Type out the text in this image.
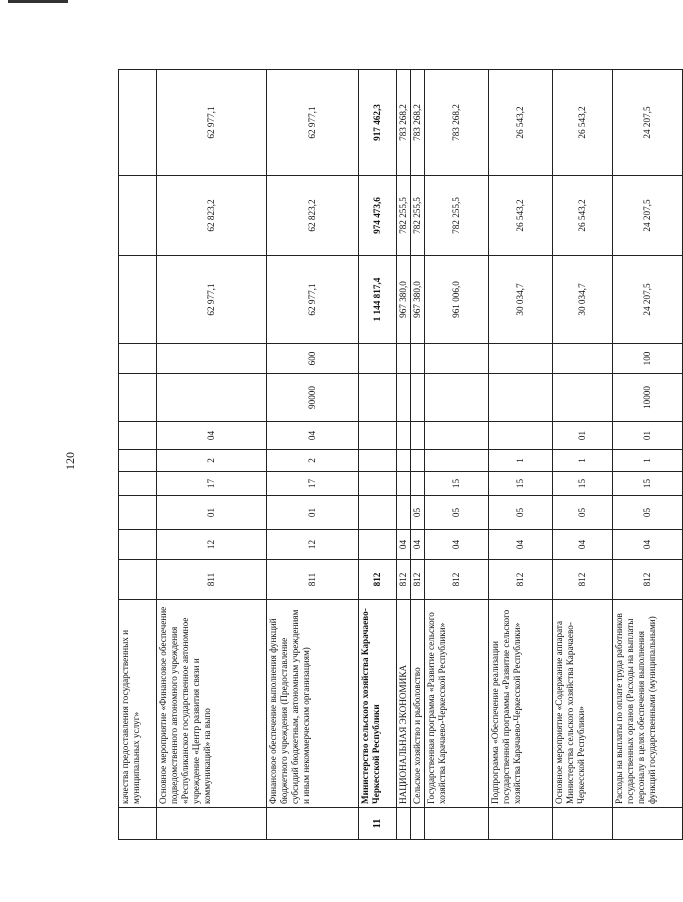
120
	качества предоставления государственных и муниципальных услуг»											
	Основное мероприятие «Финансовое обеспечение подведомственного автономного учреждения «Республиканское государственное автономное учреждение «Центр развития связи и коммуникаций» на выпо	811	12	01	17	2	04			62 977,1	62 823,2	62 977,1
	Финансовое обеспечение выполнения функций бюджетного учреждения (Предоставление субсидий бюджетным, автономным учреждениям и иным некоммерческим организациям)	811	12	01	17	2	04	90000	600	62 977,1	62 823,2	62 977,1
11	Министерство сельского хозяйства Карачаево-Черкесской Республики	812								1 144 817,4	974 473,6	917 462,3
	НАЦИОНАЛЬНАЯ ЭКОНОМИКА	812	04							967 380,0	782 255,5	783 268,2
	Сельское хозяйство и рыболовство	812	04	05						967 380,0	782 255,5	783 268,2
	Государственная программа «Развитие сельского хозяйства Карачаево-Черкесской Республики»	812	04	05	15					961 006,0	782 255,5	783 268,2
	Подпрограмма «Обеспечение реализации государственной программы «Развитие сельского хозяйства Карачаево-Черкесской Республики»	812	04	05	15	1				30 034,7	26 543,2	26 543,2
	Основное мероприятие «Содержание аппарата Министерства сельского хозяйства Карачаево-Черкесской Республики»	812	04	05	15	1	01			30 034,7	26 543,2	26 543,2
	Расходы на выплаты по оплате труда работников государственных органов (Расходы на выплаты персоналу в целях обеспечения выполнения функций государственными (муниципальными)	812	04	05	15	1	01	10000	100	24 207,5	24 207,5	24 207,5
